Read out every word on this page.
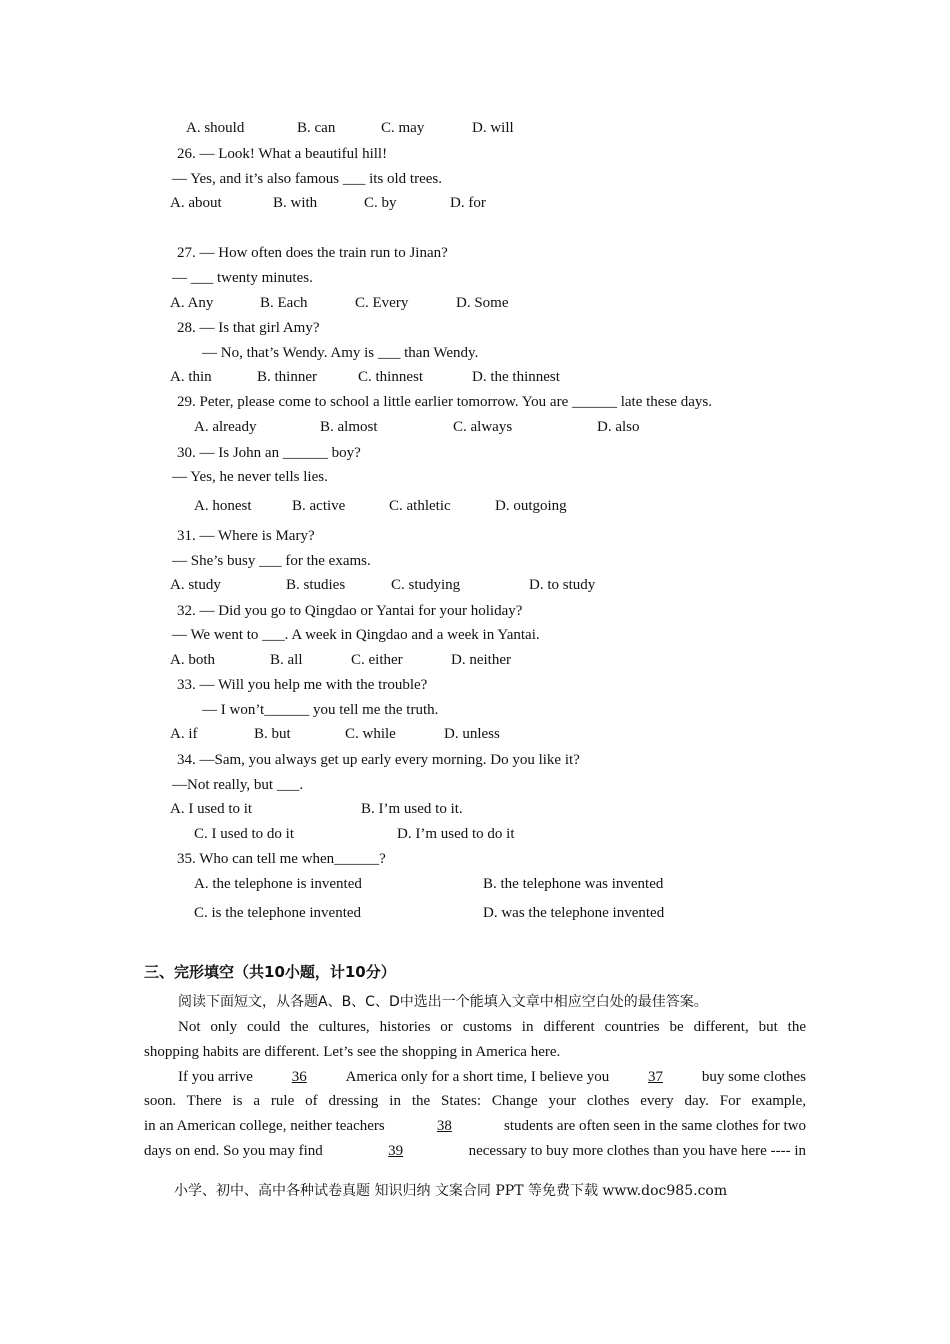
A. should	B. can	C. may	D. will
26. — Look! What a beautiful hill!
— Yes, and it’s also famous ___ its old trees.
A. about	B. with	C. by	D. for
27. — How often does the train run to Jinan?
— ___ twenty minutes.
A. Any	B. Each	C. Every	D. Some
28. — Is that girl Amy?
— No, that’s Wendy. Amy is ___ than Wendy.
A. thin	B. thinner	C. thinnest	D. the thinnest
29. Peter, please come to school a little earlier tomorrow. You are ______ late these days.
A. already	B. almost	C. always	D. also
30. — Is John an ______ boy?
— Yes, he never tells lies.
A. honest	B. active	C. athletic	D. outgoing
31. — Where is Mary?
— She’s busy ___ for the exams.
A. study	B. studies	C. studying	D. to study
32. — Did you go to Qingdao or Yantai for your holiday?
— We went to ___. A week in Qingdao and a week in Yantai.
A. both	B. all	C. either	D. neither
33. — Will you help me with the trouble?
— I won’t______ you tell me the truth.
A. if	B. but	C. while	D. unless
34. —Sam, you always get up early every morning. Do you like it?
—Not really, but ___.
A. I used to it	B. I’m used to it.
C. I used to do it	D. I’m used to do it
35. Who can tell me when______?
A. the telephone is invented	B. the telephone was invented
C. is the telephone invented	D. was the telephone invented
三、完形填空（共10小题，计10分）
阅读下面短文，从各题A、B、C、D中选出一个能填入文章中相应空白处的最佳答案。
Not only could the cultures, histories or customs in different countries be different, but the
shopping habits are different. Let’s see the shopping in America here.
If you arrive	36	America only for a short time, I believe you	37	buy some clothes
soon. There is a rule of dressing in the States: Change your clothes every day. For example,
in an American college, neither teachers	38	students are often seen in the same clothes for two
days on end. So you may find	39	necessary to buy more clothes than you have here ---- in
小学、初中、高中各种试卷真题 知识归纳 文案合同 PPT 等免费下载 www.doc985.com
